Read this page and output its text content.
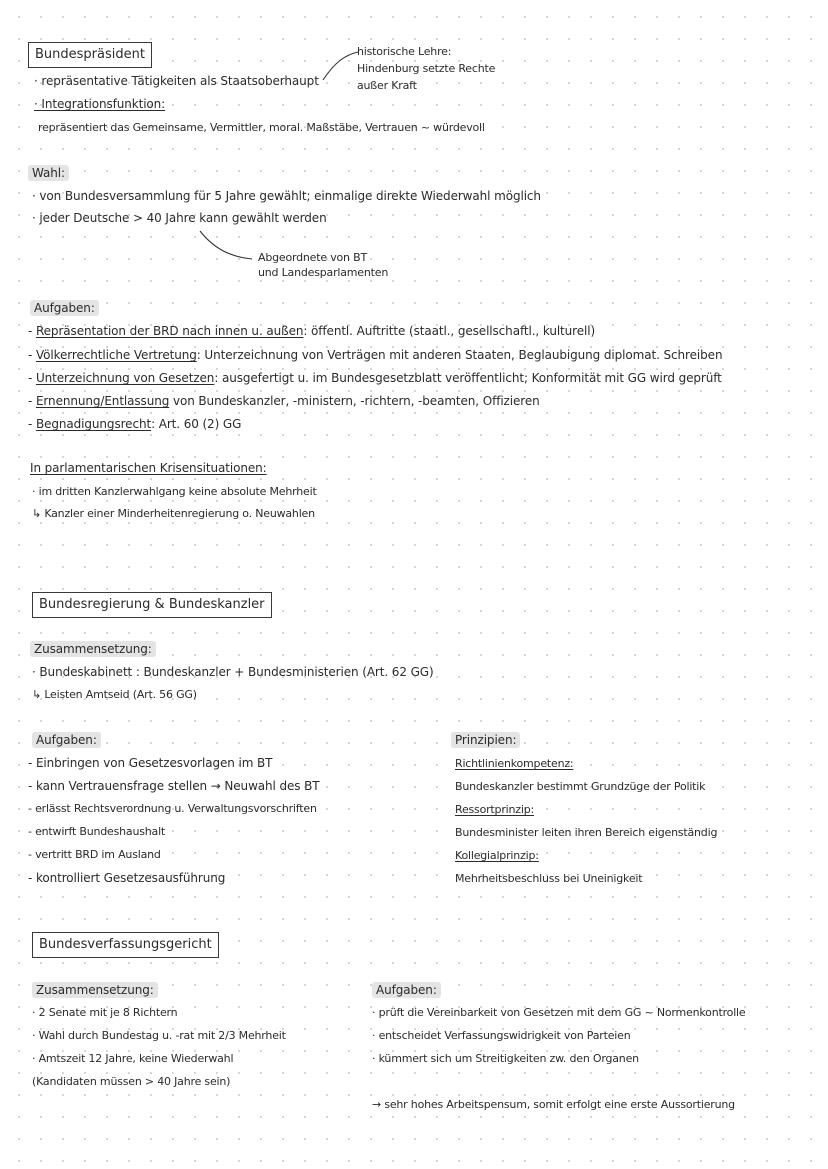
Bundespräsident	historische Lehre:
Hindenburg setzte Rechte
außer Kraft
· repräsentative Tätigkeiten als Staatsoberhaupt
· Integrationsfunktion:
repräsentiert das Gemeinsame, Vermittler, moral. Maßstäbe, Vertrauen ~ würdevoll
Wahl:
· von Bundesversammlung für 5 Jahre gewählt; einmalige direkte Wiederwahl möglich
· jeder Deutsche > 40 Jahre kann gewählt werden
Abgeordnete von BT
und Landesparlamenten
Aufgaben:
- Repräsentation der BRD nach innen u. außen: öffentl. Auftritte (staatl., gesellschaftl., kulturell)
- Völkerrechtliche Vertretung: Unterzeichnung von Verträgen mit anderen Staaten, Beglaubigung diplomat. Schreiben
- Unterzeichnung von Gesetzen: ausgefertigt u. im Bundesgesetzblatt veröffentlicht; Konformität mit GG wird geprüft
- Ernennung/Entlassung von Bundeskanzler, -ministern, -richtern, -beamten, Offizieren
- Begnadigungsrecht: Art. 60 (2) GG
In parlamentarischen Krisensituationen:
· im dritten Kanzlerwahlgang keine absolute Mehrheit
↳ Kanzler einer Minderheitenregierung o. Neuwahlen
Bundesregierung & Bundeskanzler
Zusammensetzung:
· Bundeskabinett : Bundeskanzler + Bundesministerien (Art. 62 GG)
↳ Leisten Amtseid (Art. 56 GG)
Aufgaben:
- Einbringen von Gesetzesvorlagen im BT
- kann Vertrauensfrage stellen → Neuwahl des BT
- erlässt Rechtsverordnung u. Verwaltungsvorschriften
- entwirft Bundeshaushalt
- vertritt BRD im Ausland
- kontrolliert Gesetzesausführung
Prinzipien:
Richtlinienkompetenz:
Bundeskanzler bestimmt Grundzüge der Politik
Ressortprinzip:
Bundesminister leiten ihren Bereich eigenständig
Kollegialprinzip:
Mehrheitsbeschluss bei Uneinigkeit
Bundesverfassungsgericht
Zusammensetzung:
· 2 Senate mit je 8 Richtern
· Wahl durch Bundestag u. -rat mit 2/3 Mehrheit
· Amtszeit 12 Jahre, keine Wiederwahl
(Kandidaten müssen > 40 Jahre sein)
Aufgaben:
· prüft die Vereinbarkeit von Gesetzen mit dem GG ~ Normenkontrolle
· entscheidet Verfassungswidrigkeit von Parteien
· kümmert sich um Streitigkeiten zw. den Organen
→ sehr hohes Arbeitspensum, somit erfolgt eine erste Aussortierung
